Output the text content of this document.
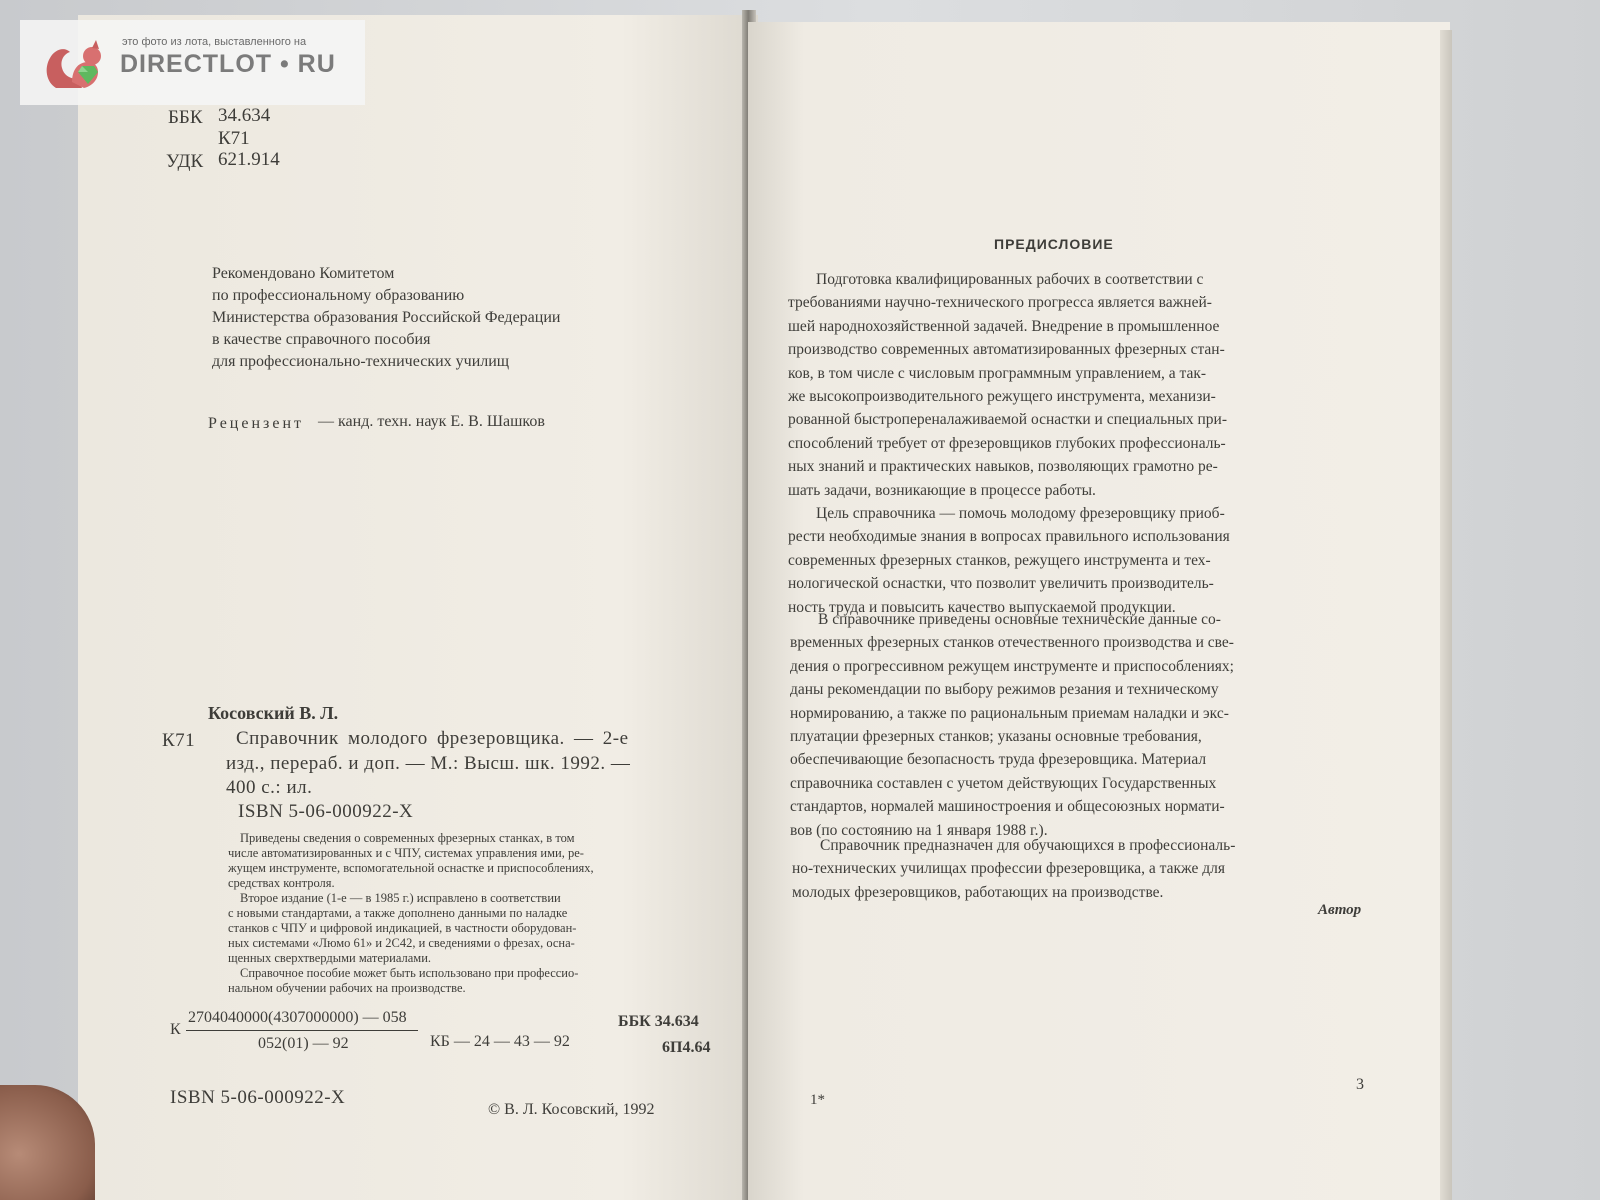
ББК 34.634
К71
УДК 621.914
Рекомендовано Комитетом
по профессиональному образованию
Министерства образования Российской Федерации
в качестве справочного пособия
для профессионально-технических училищ
Рецензент — канд. техн. наук Е. В. Шашков
Косовский В. Л.
К71 Справочник молодого фрезеровщика. — 2-е
изд., перераб. и доп. — М.: Высш. шк. 1992. —
400 с.: ил.
ISBN 5-06-000922-X
Приведены сведения о современных фрезерных станках, в том
числе автоматизированных и с ЧПУ, системах управления ими, ре-
жущем инструменте, вспомогательной оснастке и приспособлениях,
средствах контроля.
Второе издание (1-е — в 1985 г.) исправлено в соответствии
с новыми стандартами, а также дополнено данными по наладке
станков с ЧПУ и цифровой индикацией, в частности оборудован-
ных системами «Люмо 61» и 2С42, и сведениями о фрезах, осна-
щенных сверхтвердыми материалами.
Справочное пособие может быть использовано при профессио-
нальном обучении рабочих на производстве.
К
2704040000(4307000000) — 058
052(01) — 92	КБ — 24 — 43 — 92
ББК 34.634
6П4.64
ISBN 5-06-000922-X
© В. Л. Косовский, 1992
ПРЕДИСЛОВИЕ
Подготовка квалифицированных рабочих в соответствии с
требованиями научно-технического прогресса является важней-
шей народнохозяйственной задачей. Внедрение в промышленное
производство современных автоматизированных фрезерных стан-
ков, в том числе с числовым программным управлением, а так-
же высокопроизводительного режущего инструмента, механизи-
рованной быстропереналаживаемой оснастки и специальных при-
способлений требует от фрезеровщиков глубоких профессиональ-
ных знаний и практических навыков, позволяющих грамотно ре-
шать задачи, возникающие в процессе работы.
Цель справочника — помочь молодому фрезеровщику приоб-
рести необходимые знания в вопросах правильного использования
современных фрезерных станков, режущего инструмента и тех-
нологической оснастки, что позволит увеличить производитель-
ность труда и повысить качество выпускаемой продукции.
В справочнике приведены основные технические данные со-
временных фрезерных станков отечественного производства и све-
дения о прогрессивном режущем инструменте и приспособлениях;
даны рекомендации по выбору режимов резания и техническому
нормированию, а также по рациональным приемам наладки и экс-
плуатации фрезерных станков; указаны основные требования,
обеспечивающие безопасность труда фрезеровщика. Материал
справочника составлен с учетом действующих Государственных
стандартов, нормалей машиностроения и общесоюзных нормати-
вов (по состоянию на 1 января 1988 г.).
Справочник предназначен для обучающихся в профессиональ-
но-технических училищах профессии фрезеровщика, а также для
молодых фрезеровщиков, работающих на производстве.
Автор
1*
3
это фото из лота, выставленного на
DIRECTLOT • RU
